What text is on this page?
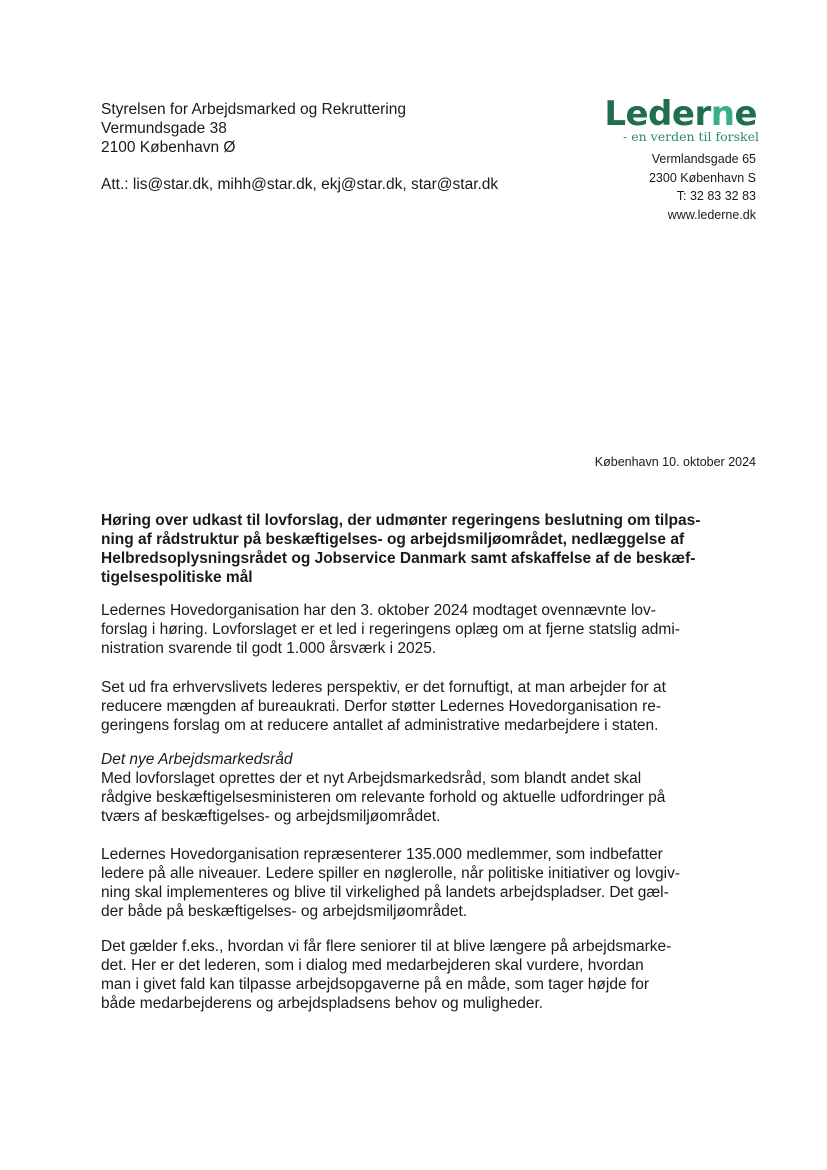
Styrelsen for Arbejdsmarked og Rekruttering
Vermundsgade 38
2100 København Ø
Att.: lis@star.dk, mihh@star.dk, ekj@star.dk, star@star.dk
Lederne
- en verden til forskel
Vermlandsgade 65
2300 København S
T: 32 83 32 83
www.lederne.dk
København 10. oktober 2024
Høring over udkast til lovforslag, der udmønter regeringens beslutning om tilpas-
ning af rådstruktur på beskæftigelses- og arbejdsmiljøområdet, nedlæggelse af
Helbredsoplysningsrådet og Jobservice Danmark samt afskaffelse af de beskæf-
tigelsespolitiske mål
Ledernes Hovedorganisation har den 3. oktober 2024 modtaget ovennævnte lov-
forslag i høring. Lovforslaget er et led i regeringens oplæg om at fjerne statslig admi-
nistration svarende til godt 1.000 årsværk i 2025.
Set ud fra erhvervslivets lederes perspektiv, er det fornuftigt, at man arbejder for at
reducere mængden af bureaukrati. Derfor støtter Ledernes Hovedorganisation re-
geringens forslag om at reducere antallet af administrative medarbejdere i staten.
Det nye Arbejdsmarkedsråd
Med lovforslaget oprettes der et nyt Arbejdsmarkedsråd, som blandt andet skal
rådgive beskæftigelsesministeren om relevante forhold og aktuelle udfordringer på
tværs af beskæftigelses- og arbejdsmiljøområdet.
Ledernes Hovedorganisation repræsenterer 135.000 medlemmer, som indbefatter
ledere på alle niveauer. Ledere spiller en nøglerolle, når politiske initiativer og lovgiv-
ning skal implementeres og blive til virkelighed på landets arbejdspladser. Det gæl-
der både på beskæftigelses- og arbejdsmiljøområdet.
Det gælder f.eks., hvordan vi får flere seniorer til at blive længere på arbejdsmarke-
det. Her er det lederen, som i dialog med medarbejderen skal vurdere, hvordan
man i givet fald kan tilpasse arbejdsopgaverne på en måde, som tager højde for
både medarbejderens og arbejdspladsens behov og muligheder.
